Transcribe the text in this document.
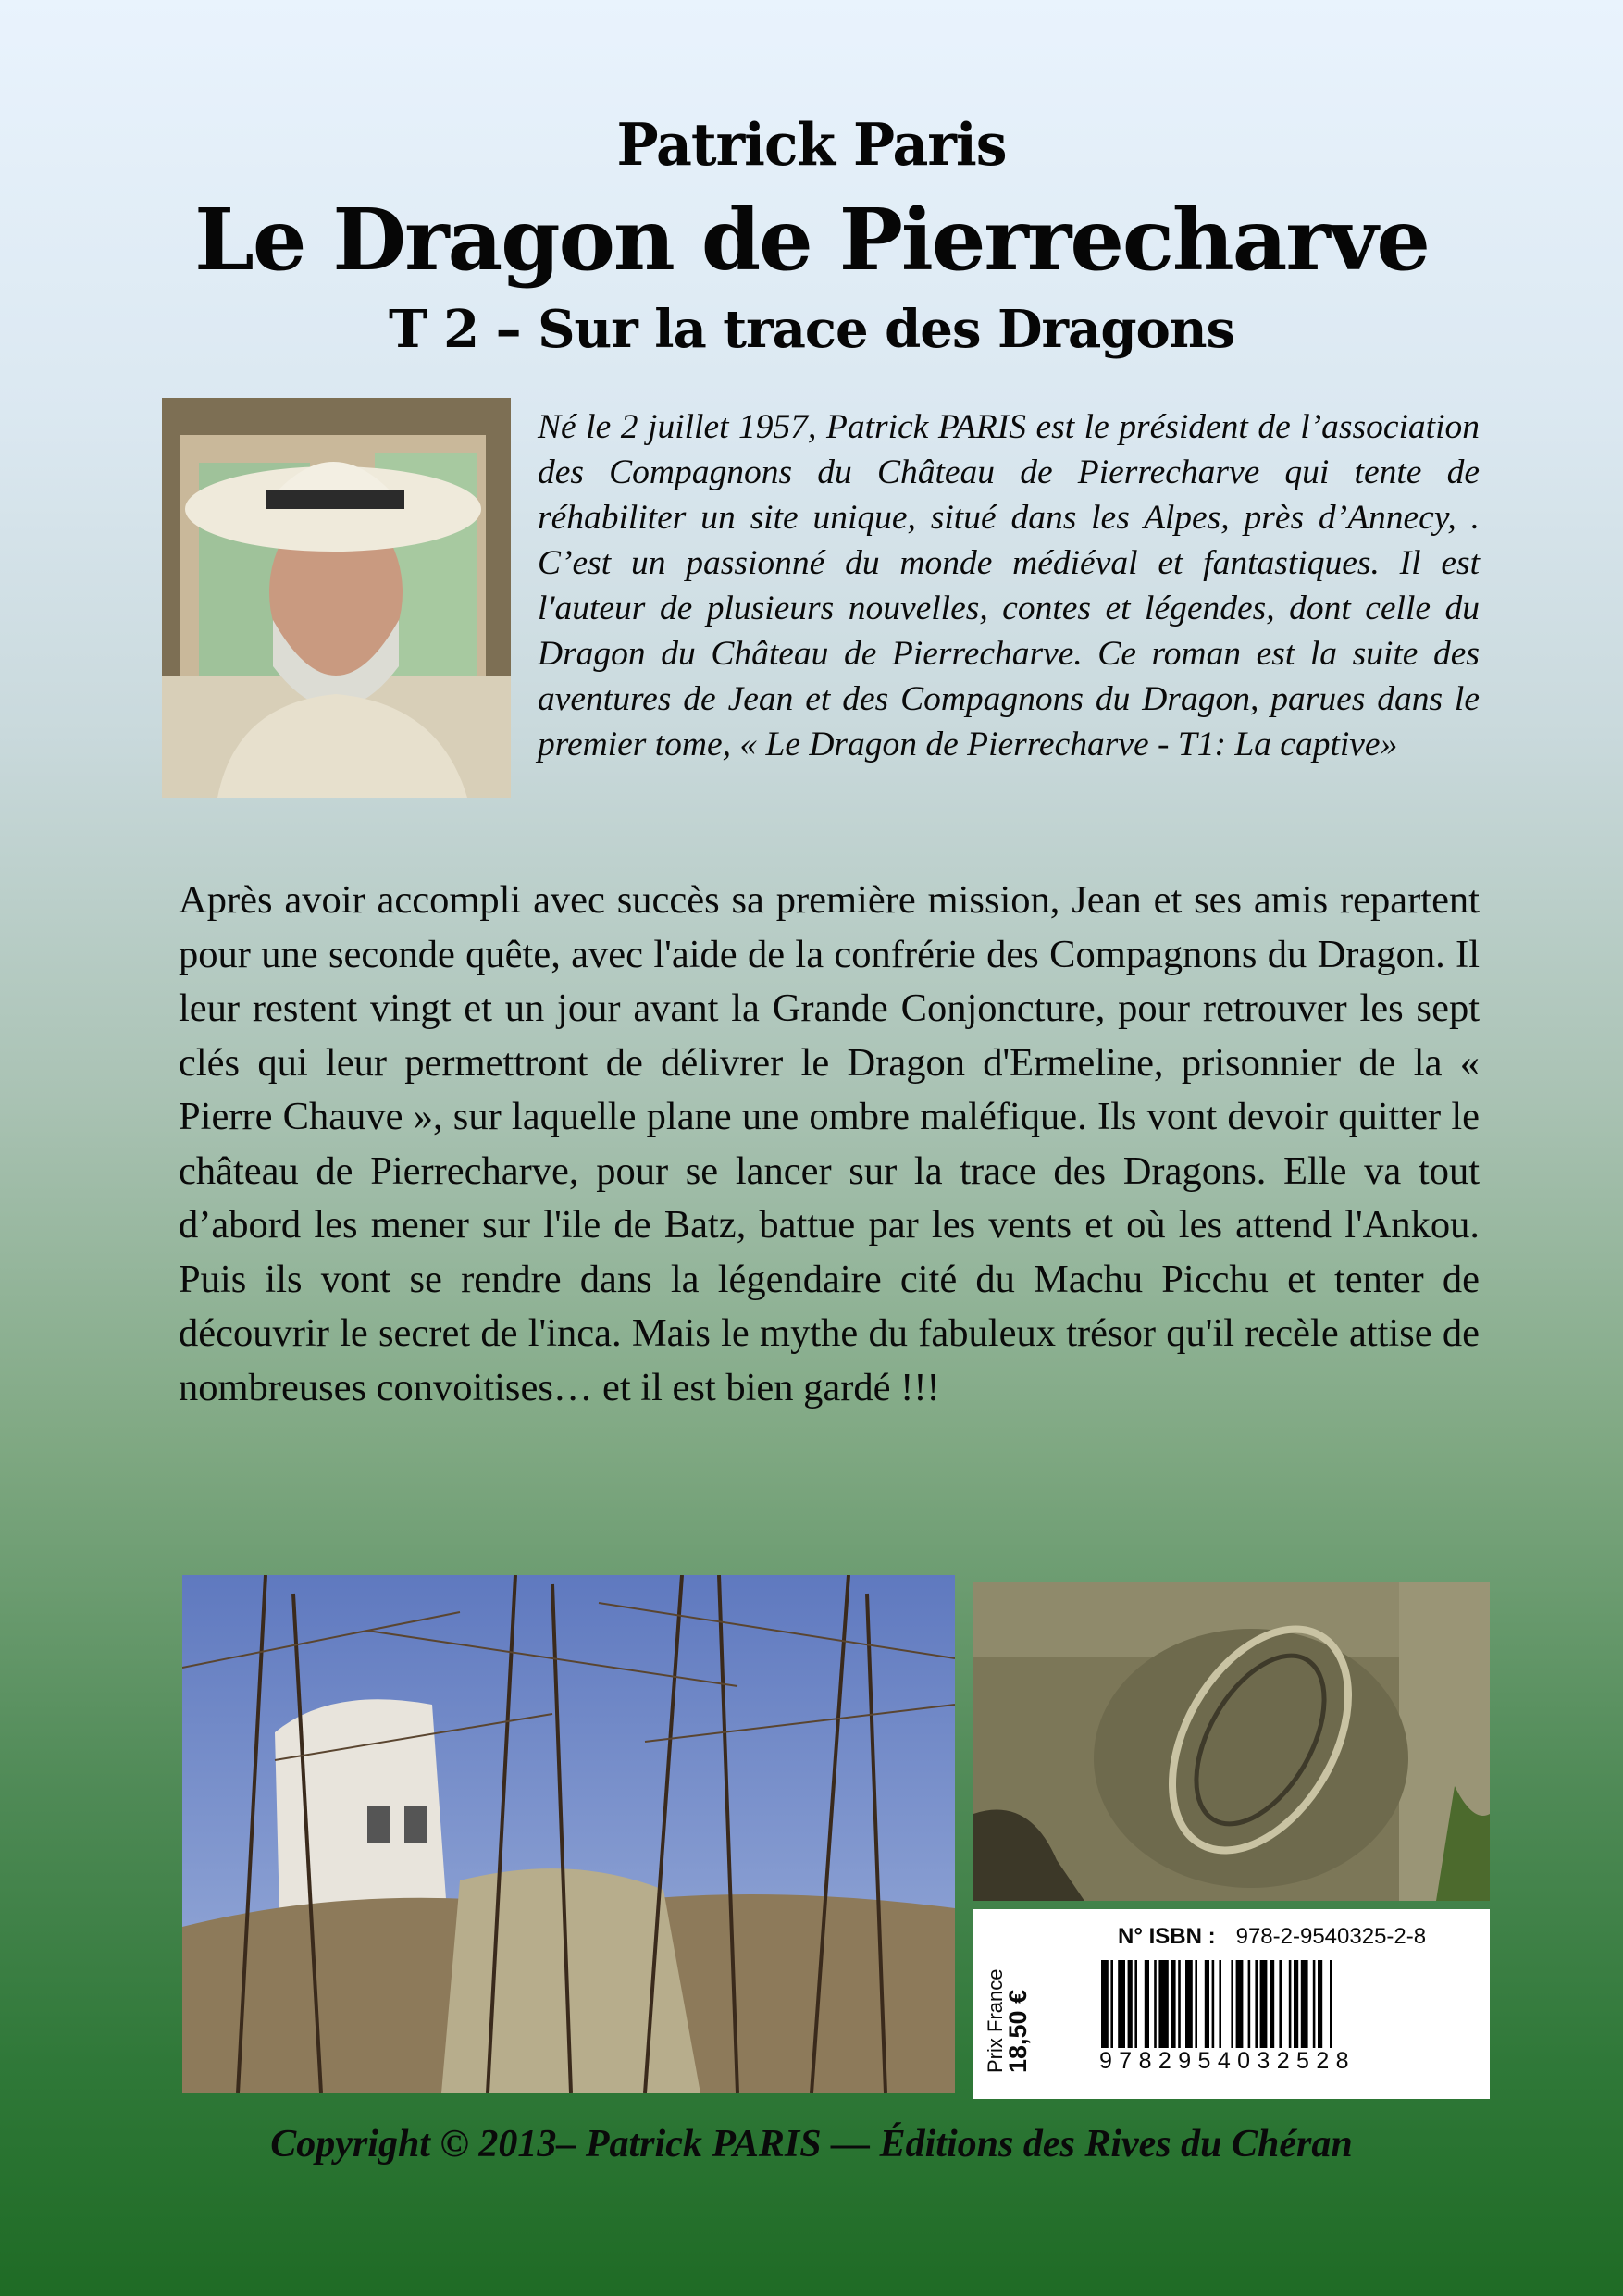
Patrick Paris
Le Dragon de Pierrecharve
T 2 – Sur la trace des Dragons

Né le 2 juillet 1957, Patrick PARIS est le président de l’association des Compagnons du Château de Pierrecharve qui tente de réhabiliter un site unique, situé dans les Alpes, près d’Annecy, . C’est un passionné du monde médiéval et fantastiques. Il est l'auteur de plusieurs nouvelles, contes et légendes, dont celle du Dragon du Château de Pierrecharve. Ce roman est la suite des aventures de Jean et des Compagnons du Dragon, parues dans le premier tome, « Le Dragon de Pierrecharve - T1: La captive»

Après avoir accompli avec succès sa première mission, Jean et ses amis repartent pour une seconde quête, avec l'aide de la confrérie des Compagnons du Dragon. Il leur restent vingt et un jour avant la Grande Conjoncture, pour retrouver les sept clés qui leur permettront de délivrer le Dragon d'Ermeline, prisonnier de la « Pierre Chauve », sur laquelle plane une ombre maléfique. Ils vont devoir quitter le château de Pierrecharve, pour se lancer sur la trace des Dragons. Elle va tout d’abord les mener sur l'ile de Batz, battue par les vents et où les attend l'Ankou. Puis ils vont se rendre dans la légendaire cité du Machu Picchu et tenter de découvrir le secret de l'inca. Mais le mythe du fabuleux trésor qu'il recèle attise de nombreuses convoitises… et il est bien gardé !!!

Prix France
18,50 €
N° ISBN : 978-2-9540325-2-8
9782954032528
Copyright © 2013– Patrick PARIS — Éditions des Rives du Chéran
